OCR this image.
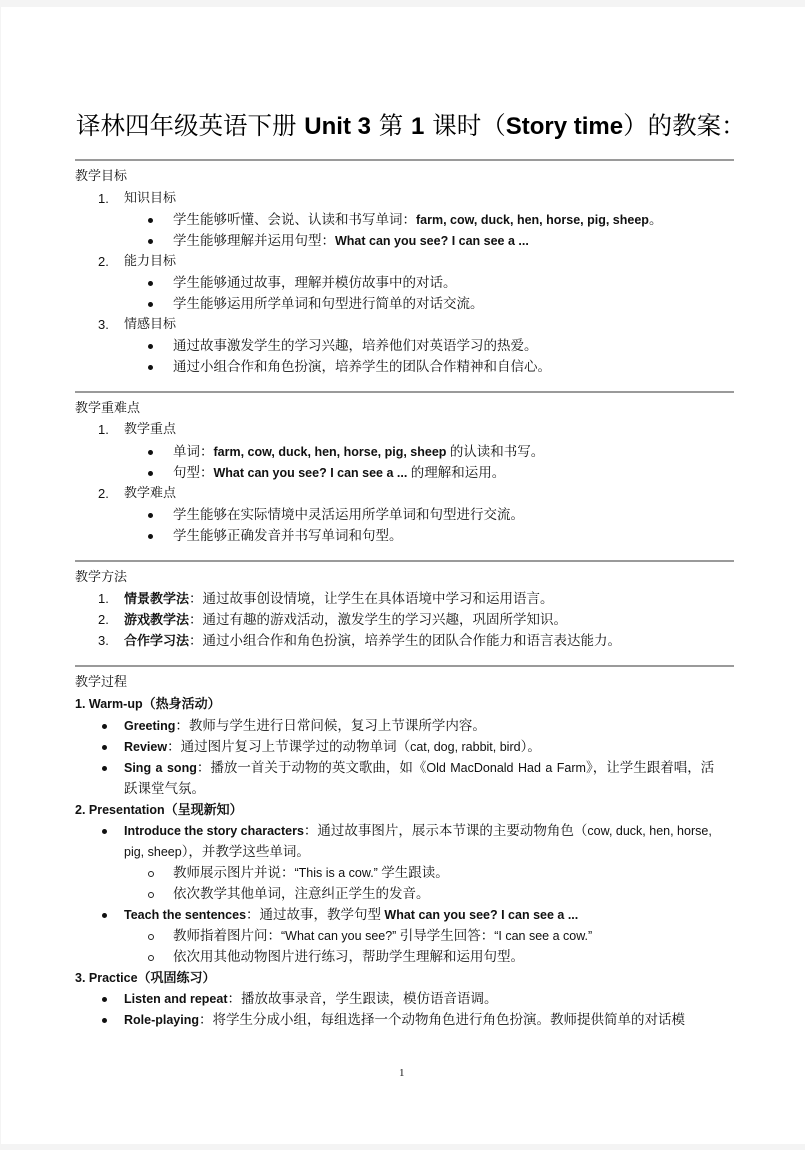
译林四年级英语下册 Unit 3 第 1 课时（Story time）的教案：
教学目标
1. 知识目标
学生能够听懂、会说、认读和书写单词：farm, cow, duck, hen, horse, pig, sheep。
学生能够理解并运用句型：What can you see? I can see a ...
2. 能力目标
学生能够通过故事，理解并模仿故事中的对话。
学生能够运用所学单词和句型进行简单的对话交流。
3. 情感目标
通过故事激发学生的学习兴趣，培养他们对英语学习的热爱。
通过小组合作和角色扮演，培养学生的团队合作精神和自信心。
教学重难点
1. 教学重点
单词：farm, cow, duck, hen, horse, pig, sheep 的认读和书写。
句型：What can you see? I can see a ... 的理解和运用。
2. 教学难点
学生能够在实际情境中灵活运用所学单词和句型进行交流。
学生能够正确发音并书写单词和句型。
教学方法
1. 情景教学法：通过故事创设情境，让学生在具体语境中学习和运用语言。
2. 游戏教学法：通过有趣的游戏活动，激发学生的学习兴趣，巩固所学知识。
3. 合作学习法：通过小组合作和角色扮演，培养学生的团队合作能力和语言表达能力。
教学过程
1. Warm-up（热身活动）
Greeting：教师与学生进行日常问候，复习上节课所学内容。
Review：通过图片复习上节课学过的动物单词（cat, dog, rabbit, bird）。
Sing a song：播放一首关于动物的英文歌曲，如《Old MacDonald Had a Farm》，让学生跟着唱，活
跃课堂气氛。
2. Presentation（呈现新知）
Introduce the story characters：通过故事图片，展示本节课的主要动物角色（cow, duck, hen, horse,
pig, sheep），并教学这些单词。
教师展示图片并说：“This is a cow.” 学生跟读。
依次教学其他单词，注意纠正学生的发音。
Teach the sentences：通过故事，教学句型 What can you see? I can see a ...
教师指着图片问：“What can you see?” 引导学生回答：“I can see a cow.”
依次用其他动物图片进行练习，帮助学生理解和运用句型。
3. Practice（巩固练习）
Listen and repeat：播放故事录音，学生跟读，模仿语音语调。
Role-playing：将学生分成小组，每组选择一个动物角色进行角色扮演。教师提供简单的对话模
1
